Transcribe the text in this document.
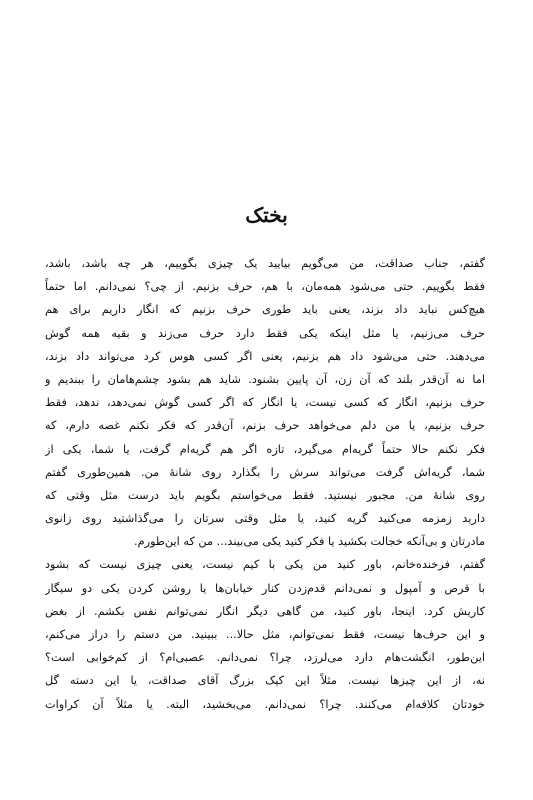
بختک
گفتم، جناب صداقت، من می‌گویم بیایید یک چیزی بگوییم، هر چه باشد، باشد،
فقط بگوییم. حتی می‌شود همه‌مان، با هم، حرف بزنیم. از چی؟ نمی‌دانم. اما حتماً
هیچ‌کس نباید داد بزند، یعنی باید طوری حرف بزنیم که انگار داریم برای هم
حرف می‌زنیم، یا مثل اینکه یکی فقط دارد حرف می‌زند و بقیه همه گوش
می‌دهند. حتی می‌شود داد هم بزنیم، یعنی اگر کسی هوس کرد می‌تواند داد بزند،
اما نه آن‌قدر بلند که آن زن، آن پایین بشنود. شاید هم بشود چشم‌هامان را ببندیم و
حرف بزنیم، انگار که کسی نیست، یا انگار که اگر کسی گوش نمی‌دهد، ندهد، فقط
حرف بزنیم، یا من دلم می‌خواهد حرف بزنم، آن‌قدر که فکر نکنم غصه دارم، که
فکر نکنم حالا حتماً گریه‌ام می‌گیرد، تازه اگر هم گریه‌ام گرفت، یا شما، یکی از
شما، گریه‌اش گرفت می‌تواند سرش را بگذارد روی شانهٔ من. همین‌طوری گفتم
روی شانهٔ من. مجبور نیستید. فقط می‌خواستم بگویم باید درست مثل وقتی که
دارید زمزمه می‌کنید گریه کنید، یا مثل وقتی سرتان را می‌گذاشتید روی زانوی
مادرتان و بی‌آنکه خجالت بکشید یا فکر کنید یکی می‌بیند... من که این‌طورم.
گفتم، فرخنده‌خانم، باور کنید من یکی با کیم نیست، یعنی چیزی نیست که بشود
با قرص و آمپول و نمی‌دانم قدم‌زدن کنار خیابان‌ها یا روشن کردن یکی دو سیگار
کاریش کرد. اینجا، باور کنید، من گاهی دیگر انگار نمی‌توانم نفس بکشم. از بغض
و این حرف‌ها نیست، فقط نمی‌توانم، مثل حالا... ببینید. من دستم را دراز می‌کنم،
این‌طور، انگشت‌هام دارد می‌لرزد، چرا؟ نمی‌دانم. عصبی‌ام؟ از کم‌خوابی است؟
نه، از این چیزها نیست. مثلاً این کیک بزرگ آقای صداقت، یا این دسته گل
خودتان کلافه‌ام می‌کنند. چرا؟ نمی‌دانم. می‌بخشید، البته. یا مثلاً آن کراوات
